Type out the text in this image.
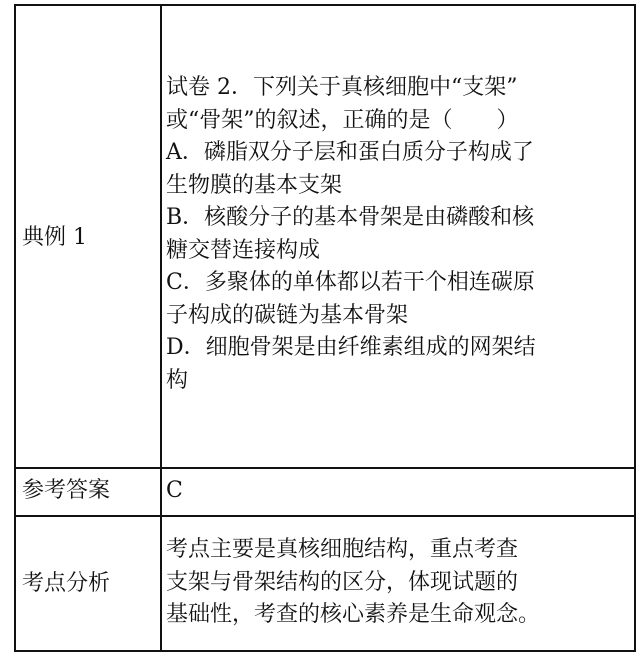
典例 1
试卷 2．下列关于真核细胞中“支架”
或“骨架”的叙述，正确的是（　　）
A．磷脂双分子层和蛋白质分子构成了
生物膜的基本支架
B．核酸分子的基本骨架是由磷酸和核
糖交替连接构成
C．多聚体的单体都以若干个相连碳原
子构成的碳链为基本骨架
D．细胞骨架是由纤维素组成的网架结
构
参考答案	C
考点分析
考点主要是真核细胞结构，重点考查
支架与骨架结构的区分，体现试题的
基础性，考查的核心素养是生命观念。
